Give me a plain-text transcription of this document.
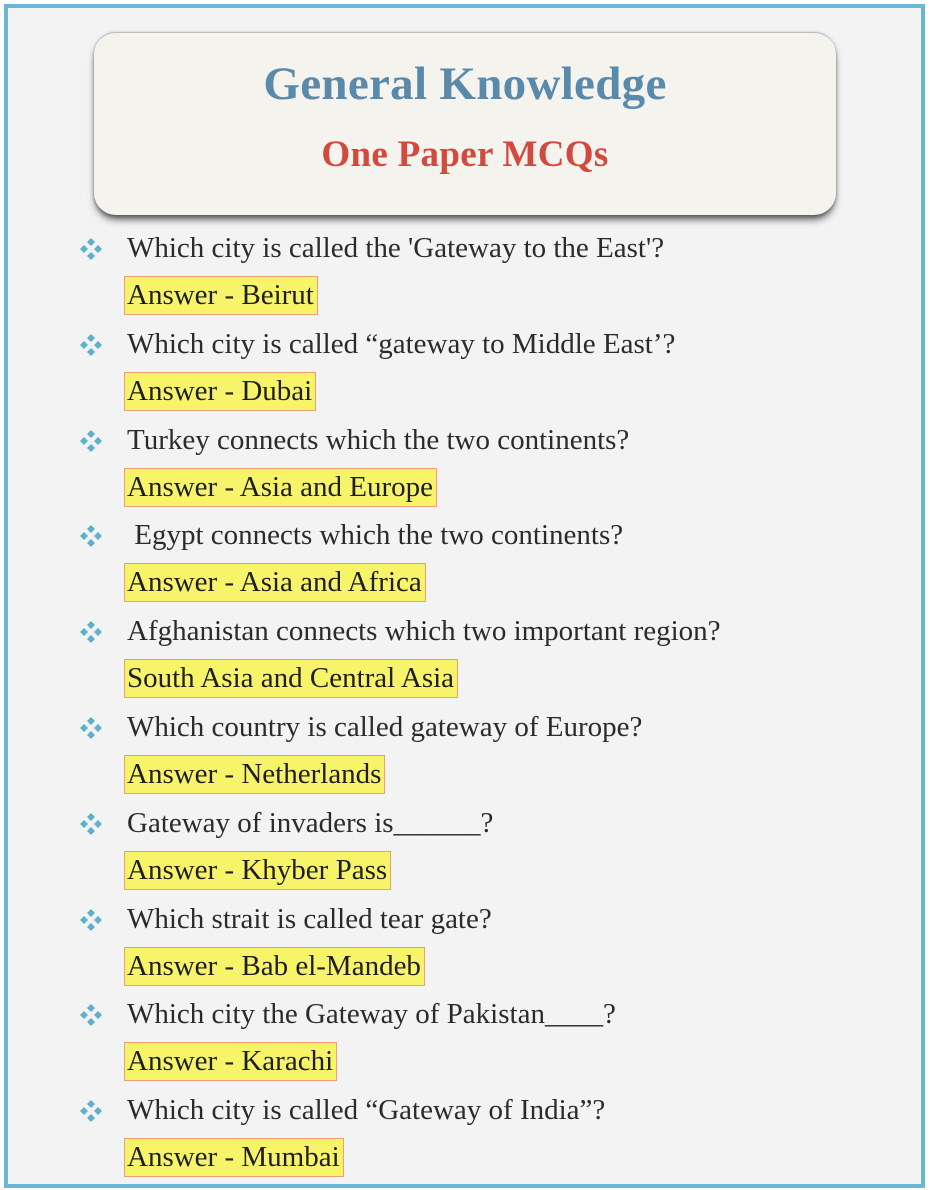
General Knowledge
One Paper MCQs
Which city is called the 'Gateway to the East'?
Answer - Beirut
Which city is called “gateway to Middle East’?
Answer - Dubai
Turkey connects which the two continents?
Answer - Asia and Europe
Egypt connects which the two continents?
Answer - Asia and Africa
Afghanistan connects which two important region?
South Asia and Central Asia
Which country is called gateway of Europe?
Answer - Netherlands
Gateway of invaders is______?
Answer - Khyber Pass
Which strait is called tear gate?
Answer - Bab el-Mandeb
Which city the Gateway of Pakistan____?
Answer - Karachi
Which city is called “Gateway of India”?
Answer - Mumbai
